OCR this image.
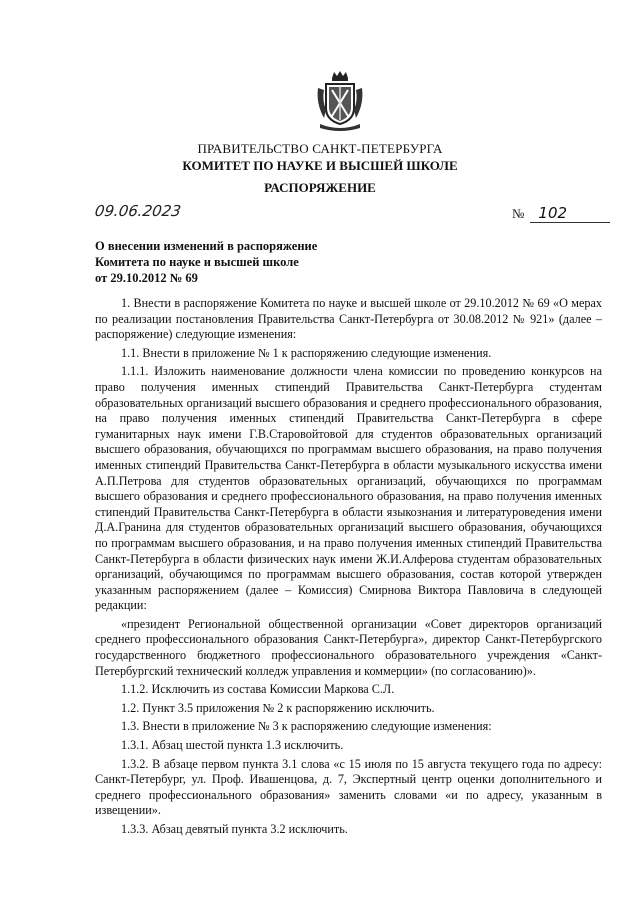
ПРАВИТЕЛЬСТВО САНКТ-ПЕТЕРБУРГА
КОМИТЕТ ПО НАУКЕ И ВЫСШЕЙ ШКОЛЕ
РАСПОРЯЖЕНИЕ
09.06.2023	№ 102
О внесении изменений в распоряжение
Комитета по науке и высшей школе
от 29.10.2012 № 69

1. Внести в распоряжение Комитета по науке и высшей школе от 29.10.2012 № 69 «О мерах по реализации постановления Правительства Санкт-Петербурга от 30.08.2012 № 921» (далее – распоряжение) следующие изменения:

1.1. Внести в приложение № 1 к распоряжению следующие изменения.

1.1.1. Изложить наименование должности члена комиссии по проведению конкурсов на право получения именных стипендий Правительства Санкт-Петербурга студентам образовательных организаций высшего образования и среднего профессионального образования, на право получения именных стипендий Правительства Санкт-Петербурга в сфере гуманитарных наук имени Г.В.Старовойтовой для студентов образовательных организаций высшего образования, обучающихся по программам высшего образования, на право получения именных стипендий Правительства Санкт-Петербурга в области музыкального искусства имени А.П.Петрова для студентов образовательных организаций, обучающихся по программам высшего образования и среднего профессионального образования, на право получения именных стипендий Правительства Санкт-Петербурга в области языкознания и литературоведения имени Д.А.Гранина для студентов образовательных организаций высшего образования, обучающихся по программам высшего образования, и на право получения именных стипендий Правительства Санкт-Петербурга в области физических наук имени Ж.И.Алферова студентам образовательных организаций, обучающимся по программам высшего образования, состав которой утвержден указанным распоряжением (далее – Комиссия) Смирнова Виктора Павловича в следующей редакции:

«президент Региональной общественной организации «Совет директоров организаций среднего профессионального образования Санкт-Петербурга», директор Санкт-Петербургского государственного бюджетного профессионального образовательного учреждения «Санкт-Петербургский технический колледж управления и коммерции» (по согласованию)».

1.1.2. Исключить из состава Комиссии Маркова С.Л.

1.2. Пункт 3.5 приложения № 2 к распоряжению исключить.

1.3. Внести в приложение № 3 к распоряжению следующие изменения:

1.3.1. Абзац шестой пункта 1.3 исключить.

1.3.2. В абзаце первом пункта 3.1 слова «с 15 июля по 15 августа текущего года по адресу: Санкт-Петербург, ул. Проф. Ивашенцова, д. 7, Экспертный центр оценки дополнительного и среднего профессионального образования» заменить словами «и по адресу, указанным в извещении».

1.3.3. Абзац девятый пункта 3.2 исключить.
